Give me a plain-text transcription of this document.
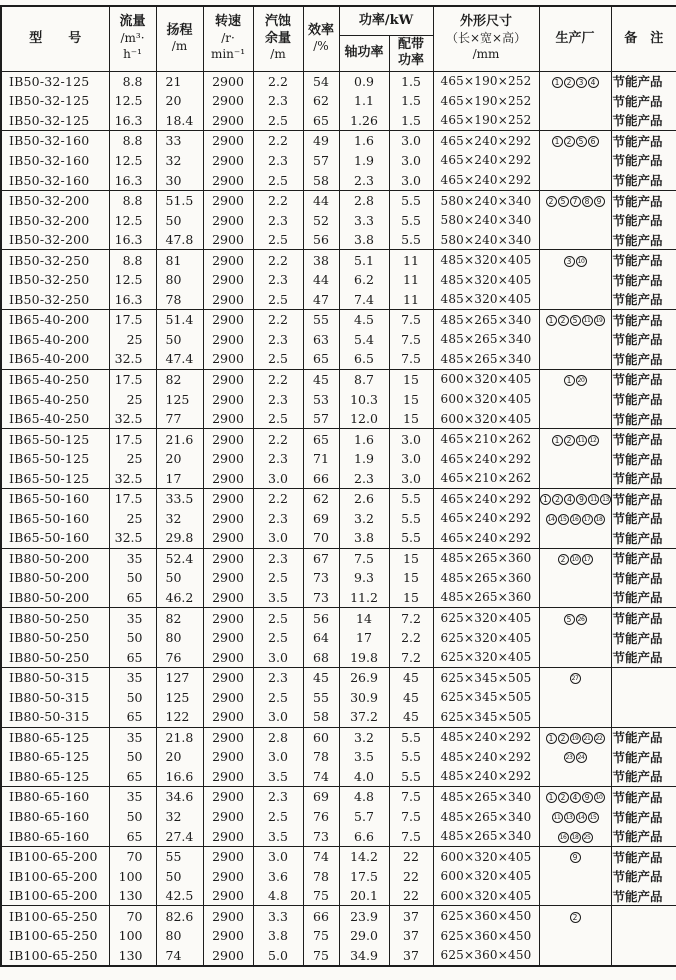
型　　号	流量
/m³·
h⁻¹	扬程
/m	转速
/r·
min⁻¹	汽蚀
余量
/m	效率
/%	功率/kW		外形尺寸
（长×宽×高）
/mm	生产厂	备　注
						轴功率	配带
功率			
IB50-32-125	8.8	21	2900	2.2	54	0.9	1.5	465×190×252	1 2 3 4	节能产品
IB50-32-125	12.5	20	2900	2.3	62	1.1	1.5	465×190×252		节能产品
IB50-32-125	16.3	18.4	2900	2.5	65	1.26	1.5	465×190×252		节能产品
IB50-32-160	8.8	33	2900	2.2	49	1.6	3.0	465×240×292	1 2 5 6	节能产品
IB50-32-160	12.5	32	2900	2.3	57	1.9	3.0	465×240×292		节能产品
IB50-32-160	16.3	30	2900	2.5	58	2.3	3.0	465×240×292		节能产品
IB50-32-200	8.8	51.5	2900	2.2	44	2.8	5.5	580×240×340	2 5 7 8 9	节能产品
IB50-32-200	12.5	50	2900	2.3	52	3.3	5.5	580×240×340		节能产品
IB50-32-200	16.3	47.8	2900	2.5	56	3.8	5.5	580×240×340		节能产品
IB50-32-250	8.8	81	2900	2.2	38	5.1	11	485×320×405	3 10	节能产品
IB50-32-250	12.5	80	2900	2.3	44	6.2	11	485×320×405		节能产品
IB50-32-250	16.3	78	2900	2.5	47	7.4	11	485×320×405		节能产品
IB65-40-200	17.5	51.4	2900	2.2	55	4.5	7.5	485×265×340	1 2 5 11 19	节能产品
IB65-40-200	25	50	2900	2.3	63	5.4	7.5	485×265×340		节能产品
IB65-40-200	32.5	47.4	2900	2.5	65	6.5	7.5	485×265×340		节能产品
IB65-40-250	17.5	82	2900	2.2	45	8.7	15	600×320×405	1 20	节能产品
IB65-40-250	25	125	2900	2.3	53	10.3	15	600×320×405		节能产品
IB65-40-250	32.5	77	2900	2.5	57	12.0	15	600×320×405		节能产品
IB65-50-125	17.5	21.6	2900	2.2	65	1.6	3.0	465×210×262	1 2 11 12	节能产品
IB65-50-125	25	20	2900	2.3	71	1.9	3.0	465×240×292		节能产品
IB65-50-125	32.5	17	2900	3.0	66	2.3	3.0	465×210×262		节能产品
IB65-50-160	17.5	33.5	2900	2.2	62	2.6	5.5	465×240×292	1 2 4 9 11 13	节能产品
IB65-50-160	25	32	2900	2.3	69	3.2	5.5	465×240×292	14 15 16 17 18	节能产品
IB65-50-160	32.5	29.8	2900	3.0	70	3.8	5.5	465×240×292		节能产品
IB80-50-200	35	52.4	2900	2.3	67	7.5	15	485×265×360	2 10 17	节能产品
IB80-50-200	50	50	2900	2.5	73	9.3	15	485×265×360		节能产品
IB80-50-200	65	46.2	2900	3.5	73	11.2	15	485×265×360		节能产品
IB80-50-250	35	82	2900	2.5	56	14	7.2	625×320×405	5 26	节能产品
IB80-50-250	50	80	2900	2.5	64	17	2.2	625×320×405		节能产品
IB80-50-250	65	76	2900	3.0	68	19.8	7.2	625×320×405		节能产品
IB80-50-315	35	127	2900	2.3	45	26.9	45	625×345×505	27	
IB80-50-315	50	125	2900	2.5	55	30.9	45	625×345×505		
IB80-50-315	65	122	2900	3.0	58	37.2	45	625×345×505		
IB80-65-125	35	21.8	2900	2.8	60	3.2	5.5	485×240×292	1 2 19 21 22	节能产品
IB80-65-125	50	20	2900	3.0	78	3.5	5.5	485×240×292	23 24	节能产品
IB80-65-125	65	16.6	2900	3.5	74	4.0	5.5	485×240×292		节能产品
IB80-65-160	35	34.6	2900	2.3	69	4.8	7.5	485×265×340	1 2 4 9 10	节能产品
IB80-65-160	50	32	2900	2.5	76	5.7	7.5	485×265×340	11 13 14 15	节能产品
IB80-65-160	65	27.4	2900	3.5	73	6.6	7.5	485×265×340	16 18 25	节能产品
IB100-65-200	70	55	2900	3.0	74	14.2	22	600×320×405	9	节能产品
IB100-65-200	100	50	2900	3.6	78	17.5	22	600×320×405		节能产品
IB100-65-200	130	42.5	2900	4.8	75	20.1	22	600×320×405		节能产品
IB100-65-250	70	82.6	2900	3.3	66	23.9	37	625×360×450	2	
IB100-65-250	100	80	2900	3.8	75	29.0	37	625×360×450		
IB100-65-250	130	74	2900	5.0	75	34.9	37	625×360×450		
